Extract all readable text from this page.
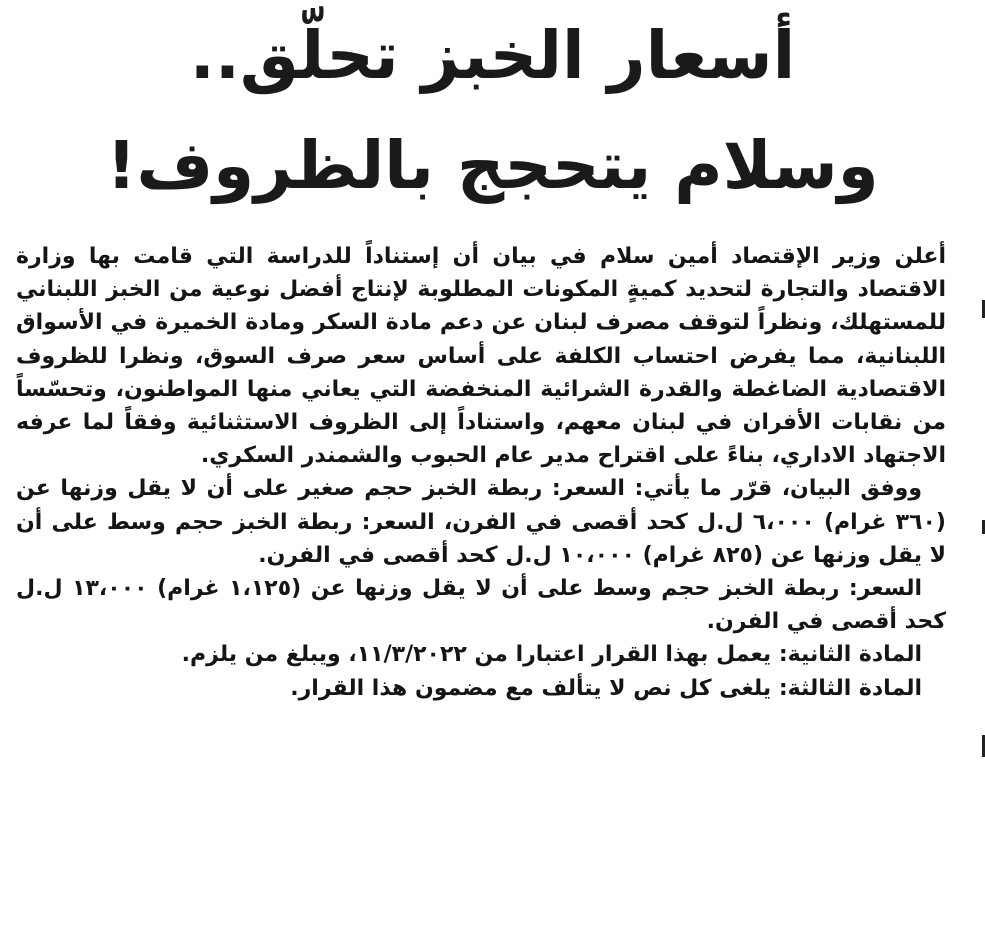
أسعار الخبز تحلّق..
وسلام يتحجج بالظروف!

أعلن وزير الإقتصاد أمين سلام في بيان أن إستناداً للدراسة التي قامت بها وزارة الاقتصاد والتجارة لتحديد كميةٍ المكونات المطلوبة لإنتاج أفضل نوعية من الخبز اللبناني للمستهلك، ونظراً لتوقف مصرف لبنان عن دعم مادة السكر ومادة الخميرة في الأسواق اللبنانية، مما يفرض احتساب الكلفة على أساس سعر صرف السوق، ونظرا للظروف الاقتصادية الضاغطة والقدرة الشرائية المنخفضة التي يعاني منها المواطنون، وتحسّساً من نقابات الأفران في لبنان معهم، واستناداً إلى الظروف الاستثنائية وفقاً لما عرفه الاجتهاد الاداري، بناءً على اقتراح مدير عام الحبوب والشمندر السكري.

ووفق البيان، قرّر ما يأتي: السعر: ربطة الخبز حجم صغير على أن لا يقل وزنها عن (٣٦٠ غرام) ٦،٠٠٠ ل.ل كحد أقصى في الفرن، السعر: ربطة الخبز حجم وسط على أن لا يقل وزنها عن (٨٢٥ غرام) ١٠،٠٠٠ ل.ل كحد أقصى في الفرن.

السعر: ربطة الخبز حجم وسط على أن لا يقل وزنها عن (١،١٢٥ غرام) ١٣،٠٠٠ ل.ل كحد أقصى في الفرن.

المادة الثانية: يعمل بهذا القرار اعتبارا من ١١/٣/٢٠٢٢، ويبلغ من يلزم.

المادة الثالثة: يلغى كل نص لا يتألف مع مضمون هذا القرار.
